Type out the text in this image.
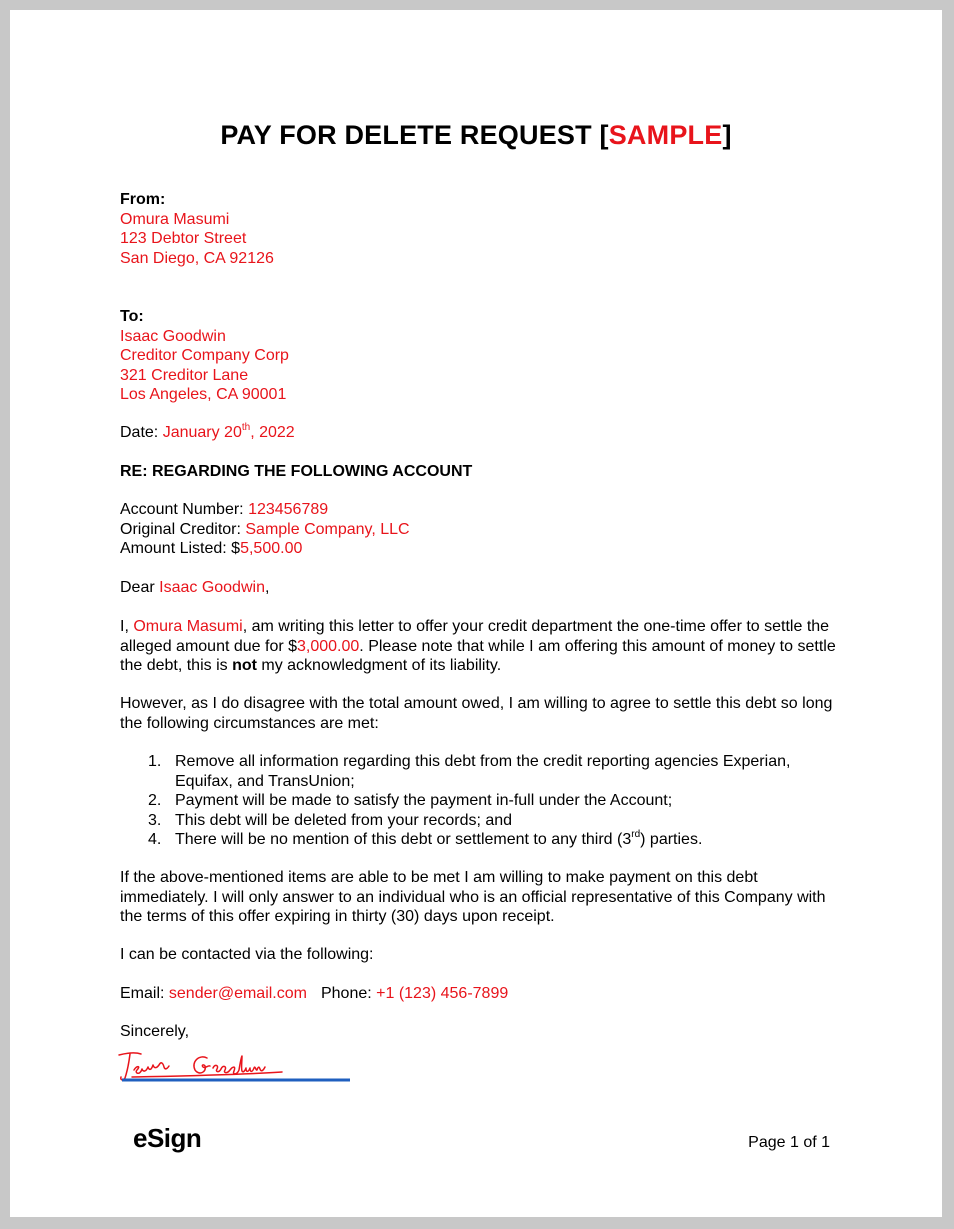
PAY FOR DELETE REQUEST [SAMPLE]
From:
Omura Masumi
123 Debtor Street
San Diego, CA 92126
To:
Isaac Goodwin
Creditor Company Corp
321 Creditor Lane
Los Angeles, CA 90001
Date: January 20th, 2022
RE: REGARDING THE FOLLOWING ACCOUNT
Account Number: 123456789
Original Creditor: Sample Company, LLC
Amount Listed: $5,500.00
Dear Isaac Goodwin,
I, Omura Masumi, am writing this letter to offer your credit department the one-time offer to settle the alleged amount due for $3,000.00. Please note that while I am offering this amount of money to settle the debt, this is not my acknowledgment of its liability.
However, as I do disagree with the total amount owed, I am willing to agree to settle this debt so long the following circumstances are met:
1. Remove all information regarding this debt from the credit reporting agencies Experian, Equifax, and TransUnion;
2. Payment will be made to satisfy the payment in-full under the Account;
3. This debt will be deleted from your records; and
4. There will be no mention of this debt or settlement to any third (3rd) parties.
If the above-mentioned items are able to be met I am willing to make payment on this debt immediately. I will only answer to an individual who is an official representative of this Company with the terms of this offer expiring in thirty (30) days upon receipt.
I can be contacted via the following:
Email: sender@email.com Phone: +1 (123) 456-7899
Sincerely,
eSign	Page 1 of 1
